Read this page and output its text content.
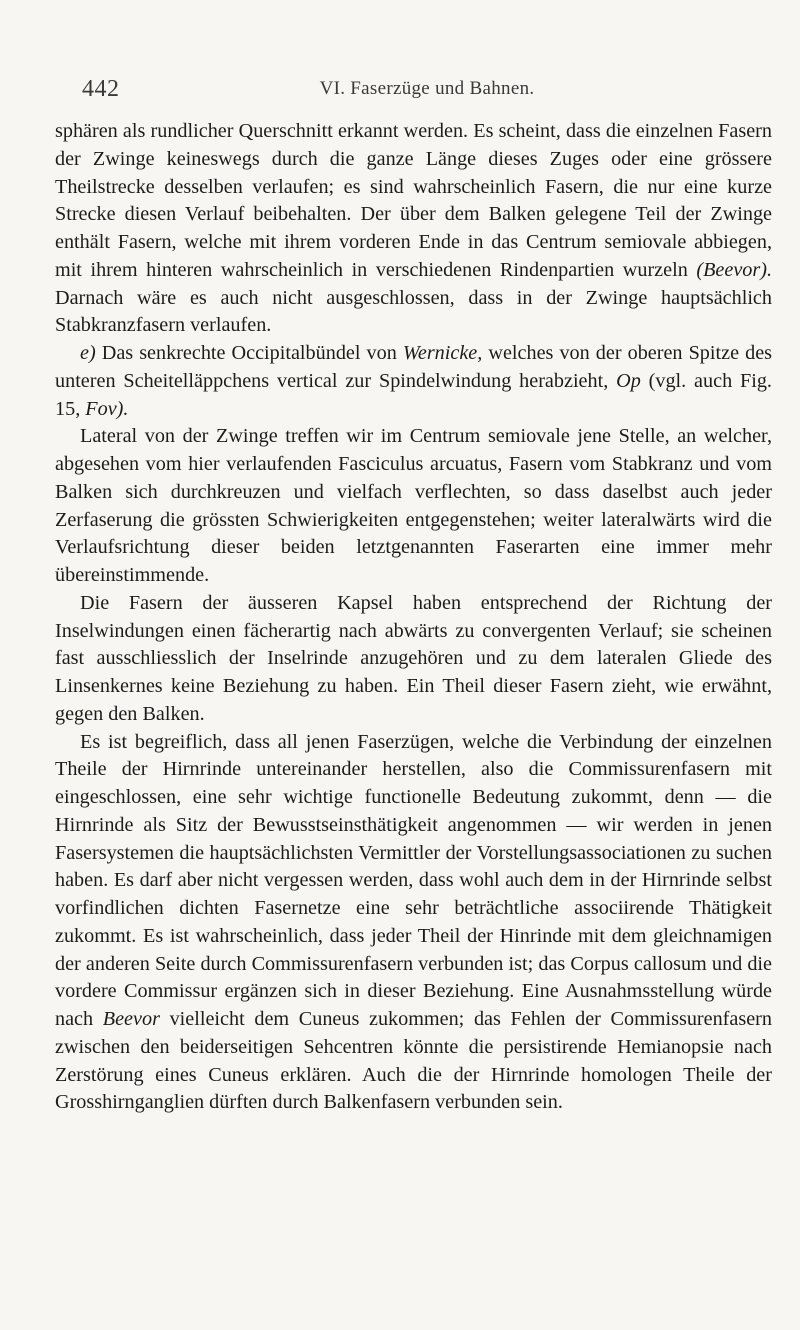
442	VI. Faserzüge und Bahnen.

sphären als rundlicher Querschnitt erkannt werden. Es scheint, dass die einzelnen Fasern der Zwinge keineswegs durch die ganze Länge dieses Zuges oder eine grössere Theilstrecke desselben verlaufen; es sind wahrscheinlich Fasern, die nur eine kurze Strecke diesen Verlauf beibehalten. Der über dem Balken gelegene Teil der Zwinge enthält Fasern, welche mit ihrem vorderen Ende in das Centrum semiovale abbiegen, mit ihrem hinteren wahrscheinlich in verschiedenen Rindenpartien wurzeln (Beevor). Darnach wäre es auch nicht ausgeschlossen, dass in der Zwinge hauptsächlich Stabkranzfasern verlaufen.

e) Das senkrechte Occipitalbündel von Wernicke, welches von der oberen Spitze des unteren Scheitelläppchens vertical zur Spindelwindung herabzieht, Op (vgl. auch Fig. 15, Fov).

Lateral von der Zwinge treffen wir im Centrum semiovale jene Stelle, an welcher, abgesehen vom hier verlaufenden Fasciculus arcuatus, Fasern vom Stabkranz und vom Balken sich durchkreuzen und vielfach verflechten, so dass daselbst auch jeder Zerfaserung die grössten Schwierigkeiten entgegenstehen; weiter lateralwärts wird die Verlaufsrichtung dieser beiden letztgenannten Faserarten eine immer mehr übereinstimmende.

Die Fasern der äusseren Kapsel haben entsprechend der Richtung der Inselwindungen einen fächerartig nach abwärts zu convergenten Verlauf; sie scheinen fast ausschliesslich der Inselrinde anzugehören und zu dem lateralen Gliede des Linsenkernes keine Beziehung zu haben. Ein Theil dieser Fasern zieht, wie erwähnt, gegen den Balken.

Es ist begreiflich, dass all jenen Faserzügen, welche die Verbindung der einzelnen Theile der Hirnrinde untereinander herstellen, also die Commissurenfasern mit eingeschlossen, eine sehr wichtige functionelle Bedeutung zukommt, denn — die Hirnrinde als Sitz der Bewusstseinsthätigkeit angenommen — wir werden in jenen Fasersystemen die hauptsächlichsten Vermittler der Vorstellungsassociationen zu suchen haben. Es darf aber nicht vergessen werden, dass wohl auch dem in der Hirnrinde selbst vorfindlichen dichten Fasernetze eine sehr beträchtliche associirende Thätigkeit zukommt. Es ist wahrscheinlich, dass jeder Theil der Hinrinde mit dem gleichnamigen der anderen Seite durch Commissurenfasern verbunden ist; das Corpus callosum und die vordere Commissur ergänzen sich in dieser Beziehung. Eine Ausnahmsstellung würde nach Beevor vielleicht dem Cuneus zukommen; das Fehlen der Commissurenfasern zwischen den beiderseitigen Sehcentren könnte die persistirende Hemianopsie nach Zerstörung eines Cuneus erklären. Auch die der Hirnrinde homologen Theile der Grosshirnganglien dürften durch Balkenfasern verbunden sein.
